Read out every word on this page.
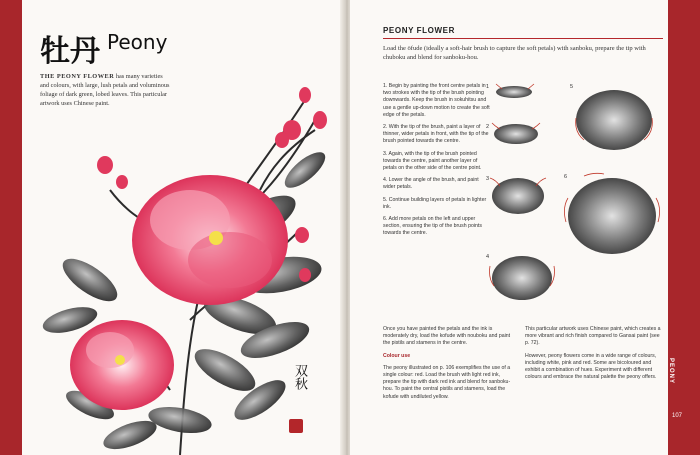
牡丹 Peony
THE PEONY FLOWER has many varieties and colours, with large, lush petals and voluminous foliage of dark green, lobed leaves. This particular artwork uses Chinese paint.
双秋	PEONY
107
PEONY FLOWER
Load the ōfude (ideally a soft-hair brush to capture the soft petals) with sanboku, prepare the tip with chuboku and blend for sanboku-hou.
1. Begin by painting the front centre petals in two strokes with the tip of the brush pointing downwards. Keep the brush in sokuhitsu and use a gentle up-down motion to create the soft edge of the petals.
2. With the tip of the brush, paint a layer of thinner, wider petals in front, with the tip of the brush pointed towards the centre.
3. Again, with the tip of the brush pointed towards the centre, paint another layer of petals on the other side of the centre point.
4. Lower the angle of the brush, and paint wider petals.
5. Continue building layers of petals in lighter ink.
6. Add more petals on the left and upper section, ensuring the tip of the brush points towards the centre.
1
2
3
4
5
6

Once you have painted the petals and the ink is moderately dry, load the kofude with nouboku and paint the pistils and stamens in the centre.

Colour use

The peony illustrated on p. 106 exemplifies the use of a single colour: red. Load the brush with light red ink, prepare the tip with dark red ink and blend for sanboku-hou. To paint the central pistils and stamens, load the kofude with undiluted yellow.

This particular artwork uses Chinese paint, which creates a more vibrant and rich finish compared to Gansai paint (see p. 72).

However, peony flowers come in a wide range of colours, including white, pink and red. Some are bicoloured and exhibit a combination of hues. Experiment with different colours and embrace the natural palette the peony offers.
